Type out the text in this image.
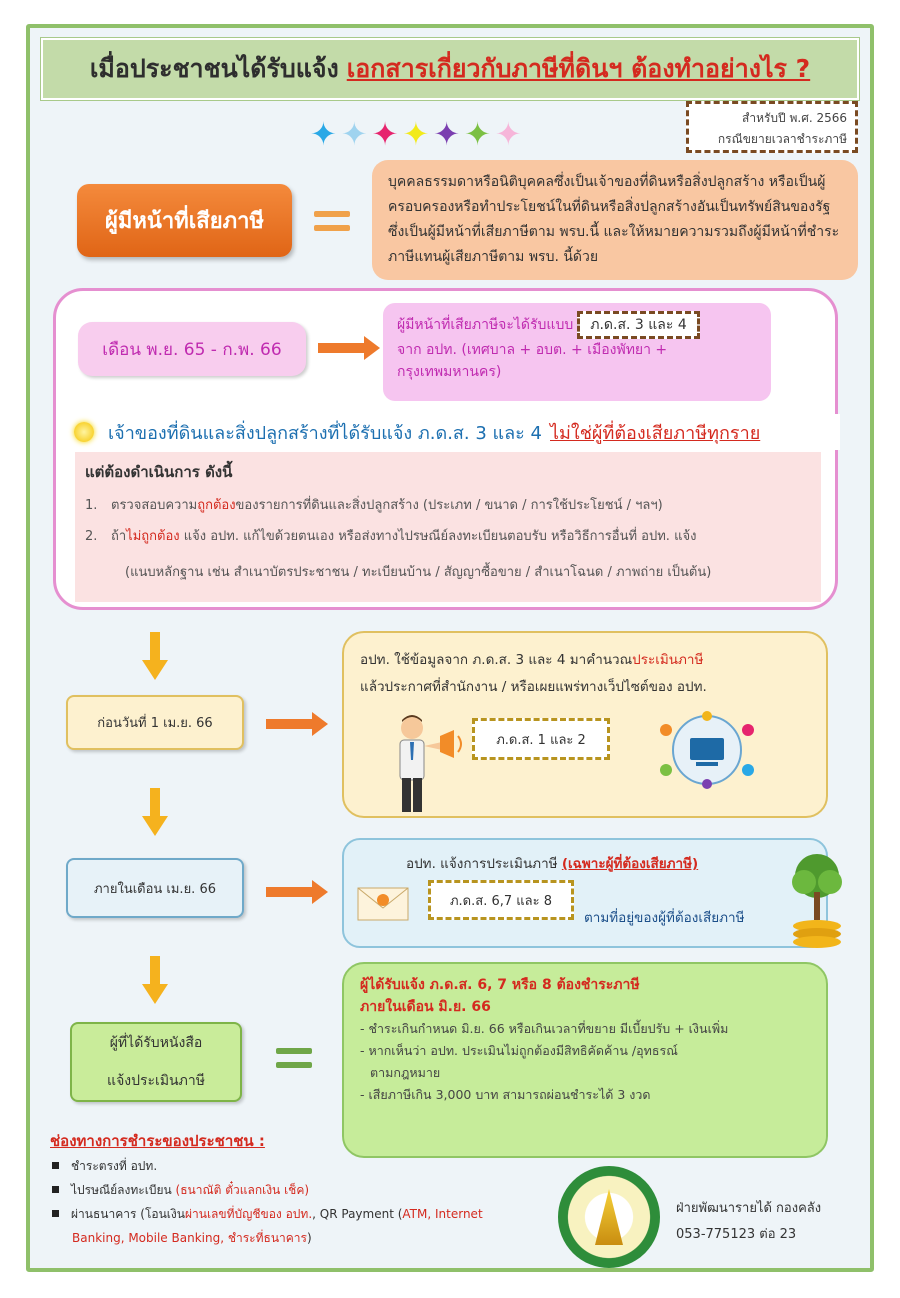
เมื่อประชาชนได้รับแจ้ง เอกสารเกี่ยวกับภาษีที่ดินฯ ต้องทำอย่างไร ?
สำหรับปี พ.ศ. 2566
กรณีขยายเวลาชำระภาษี
✦ ✦ ✦ ✦ ✦ ✦ ✦
ผู้มีหน้าที่เสียภาษี
บุคคลธรรมดาหรือนิติบุคคลซึ่งเป็นเจ้าของที่ดินหรือสิ่งปลูกสร้าง หรือเป็นผู้ครอบครองหรือทำประโยชน์ในที่ดินหรือสิ่งปลูกสร้างอันเป็นทรัพย์สินของรัฐ ซึ่งเป็นผู้มีหน้าที่เสียภาษีตาม พรบ.นี้ และให้หมายความรวมถึงผู้มีหน้าที่ชำระภาษีแทนผู้เสียภาษีตาม พรบ. นี้ด้วย
เดือน พ.ย. 65 - ก.พ. 66
ผู้มีหน้าที่เสียภาษีจะได้รับแบบ ภ.ด.ส. 3 และ 4
จาก อปท. (เทศบาล + อบต. + เมืองพัทยา + กรุงเทพมหานคร)
เจ้าของที่ดินและสิ่งปลูกสร้างที่ได้รับแจ้ง ภ.ด.ส. 3 และ 4 ไม่ใช่ผู้ที่ต้องเสียภาษีทุกราย
แต่ต้องดำเนินการ ดังนี้
1. ตรวจสอบความถูกต้องของรายการที่ดินและสิ่งปลูกสร้าง (ประเภท / ขนาด / การใช้ประโยชน์ / ฯลฯ)
2. ถ้าไม่ถูกต้อง แจ้ง อปท. แก้ไขด้วยตนเอง หรือส่งทางไปรษณีย์ลงทะเบียนตอบรับ หรือวิธีการอื่นที่ อปท. แจ้ง
(แนบหลักฐาน เช่น สำเนาบัตรประชาชน / ทะเบียนบ้าน / สัญญาซื้อขาย / สำเนาโฉนด / ภาพถ่าย เป็นต้น)
ก่อนวันที่ 1 เม.ย. 66
อปท. ใช้ข้อมูลจาก ภ.ด.ส. 3 และ 4 มาคำนวณประเมินภาษี
แล้วประกาศที่สำนักงาน / หรือเผยแพร่ทางเว็ปไซต์ของ อปท.
ภ.ด.ส. 1 และ 2
ภายในเดือน เม.ย. 66
อปท. แจ้งการประเมินภาษี (เฉพาะผู้ที่ต้องเสียภาษี)
ตามที่อยู่ของผู้ที่ต้องเสียภาษี
ภ.ด.ส. 6,7 และ 8
ผู้ที่ได้รับหนังสือ
แจ้งประเมินภาษี
ผู้ได้รับแจ้ง ภ.ด.ส. 6, 7 หรือ 8 ต้องชำระภาษี
ภายในเดือน มิ.ย. 66
- ชำระเกินกำหนด มิ.ย. 66 หรือเกินเวลาที่ขยาย มีเบี้ยปรับ + เงินเพิ่ม
- หากเห็นว่า อปท. ประเมินไม่ถูกต้องมีสิทธิคัดค้าน /อุทธรณ์
ตามกฎหมาย
- เสียภาษีเกิน 3,000 บาท สามารถผ่อนชำระได้ 3 งวด
ช่องทางการชำระของประชาชน :
ชำระตรงที่ อปท.
ไปรษณีย์ลงทะเบียน (ธนาณัติ ตั๋วแลกเงิน เช็ค)
ผ่านธนาคาร (โอนเงินผ่านเลขที่บัญชีของ อปท., QR Payment (ATM, Internet
Banking, Mobile Banking, ชำระที่ธนาคาร)
ฝ่ายพัฒนารายได้ กองคลัง
053-775123 ต่อ 23
